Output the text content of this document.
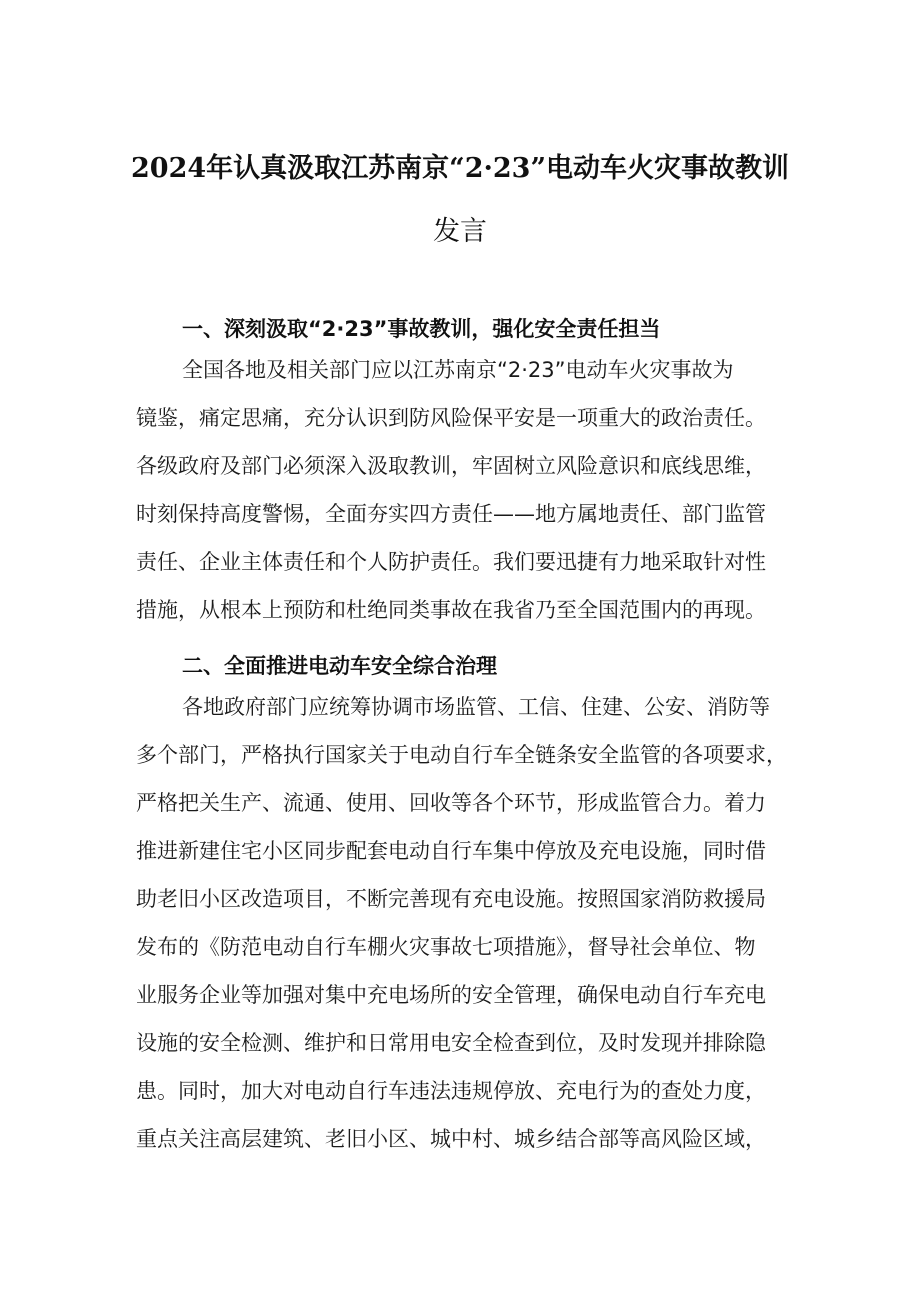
2024年认真汲取江苏南京“2·23”电动车火灾事故教训
发言
一、深刻汲取“2·23”事故教训，强化安全责任担当
全国各地及相关部门应以江苏南京“2·23”电动车火灾事故为
镜鉴，痛定思痛，充分认识到防风险保平安是一项重大的政治责任。
各级政府及部门必须深入汲取教训，牢固树立风险意识和底线思维，
时刻保持高度警惕，全面夯实四方责任——地方属地责任、部门监管
责任、企业主体责任和个人防护责任。我们要迅捷有力地采取针对性
措施，从根本上预防和杜绝同类事故在我省乃至全国范围内的再现。
二、全面推进电动车安全综合治理
各地政府部门应统筹协调市场监管、工信、住建、公安、消防等
多个部门，严格执行国家关于电动自行车全链条安全监管的各项要求，
严格把关生产、流通、使用、回收等各个环节，形成监管合力。着力
推进新建住宅小区同步配套电动自行车集中停放及充电设施，同时借
助老旧小区改造项目，不断完善现有充电设施。按照国家消防救援局
发布的《防范电动自行车棚火灾事故七项措施》，督导社会单位、物
业服务企业等加强对集中充电场所的安全管理，确保电动自行车充电
设施的安全检测、维护和日常用电安全检查到位，及时发现并排除隐
患。同时，加大对电动自行车违法违规停放、充电行为的查处力度，
重点关注高层建筑、老旧小区、城中村、城乡结合部等高风险区域，
